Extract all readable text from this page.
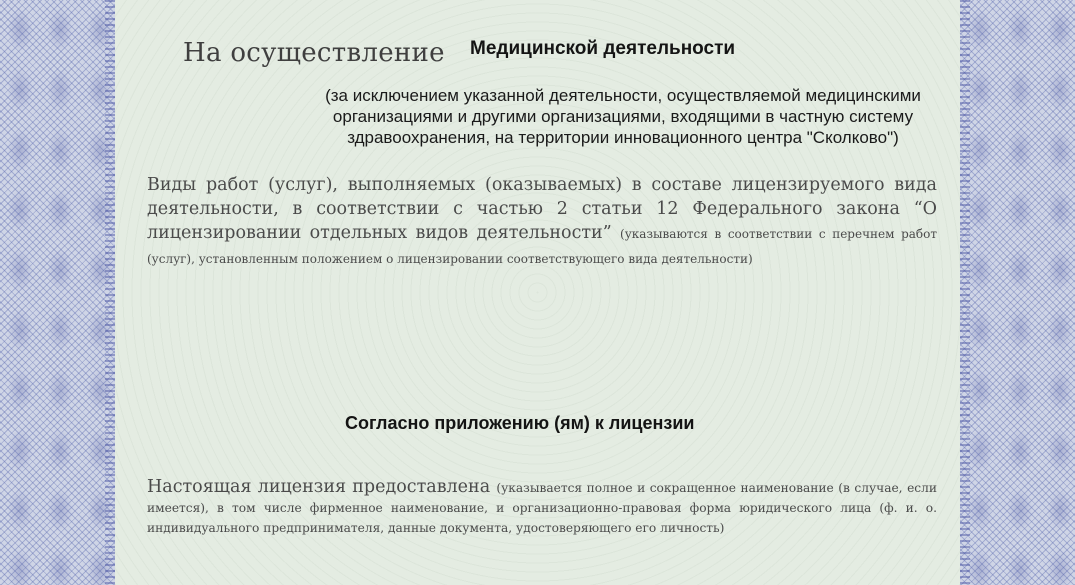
На осуществление Медицинской деятельности
(за исключением указанной деятельности, осуществляемой медицинскими организациями и другими организациями, входящими в частную систему здравоохранения, на территории инновационного центра "Сколково")
Виды работ (услуг), выполняемых (оказываемых) в составе лицензируемого вида деятельности, в соответствии с частью 2 статьи 12 Федерального закона “О лицензировании отдельных видов деятельности” (указываются в соответствии с перечнем работ (услуг), установленным положением о лицензировании соответствующего вида деятельности)
Согласно приложению (ям) к лицензии
Настоящая лицензия предоставлена (указывается полное и сокращенное наименование (в случае, если имеется), в том числе фирменное наименование, и организационно-правовая форма юридического лица (ф. и. о. индивидуального предпринимателя, данные документа, удостоверяющего его личность)
